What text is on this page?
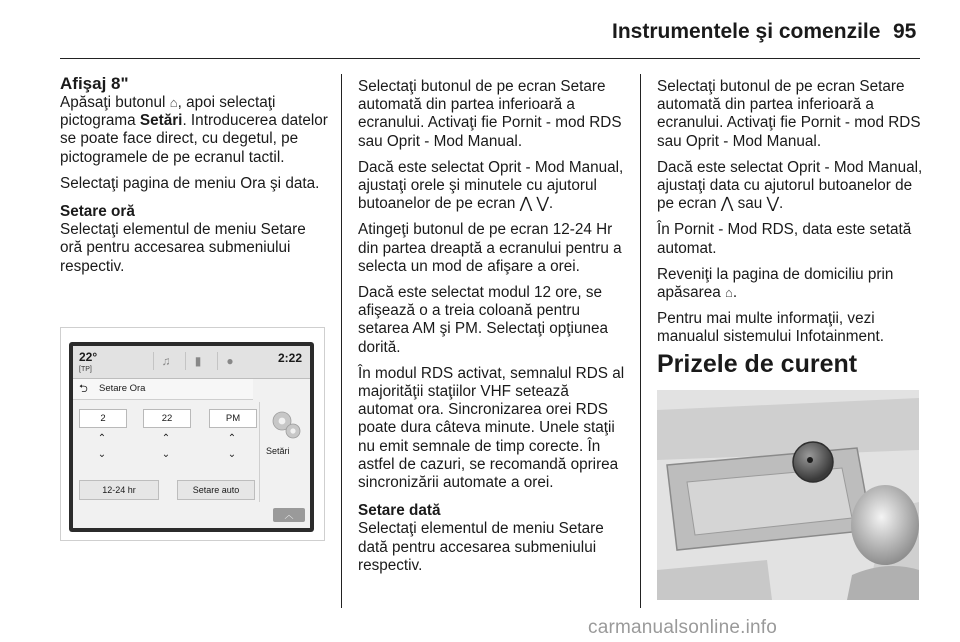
Instrumentele şi comenzile 95
Afişaj 8"

Apăsaţi butonul ⌂, apoi selectaţi pictograma Setări. Introducerea datelor se poate face direct, cu degetul, pe pictogramele de pe ecranul tactil.

Selectaţi pagina de meniu Ora şi data.

Setare oră

Selectaţi elementul de meniu Setare oră pentru accesarea submeniului respectiv.

22°
[TP]
♫	▮	●	2:22
⮌ Setare Ora
2	22	PM
⌃
⌄
⌃
⌄
⌃
⌄
12-24 hr	Setare auto
Setări
︿

Selectaţi butonul de pe ecran Setare automată din partea inferioară a ecranului. Activaţi fie Pornit - mod RDS sau Oprit - Mod Manual.

Dacă este selectat Oprit - Mod Manual, ajustaţi orele şi minutele cu ajutorul butoanelor de pe ecran ⋀ ⋁.

Atingeţi butonul de pe ecran 12-24 Hr din partea dreaptă a ecranului pentru a selecta un mod de afişare a orei.

Dacă este selectat modul 12 ore, se afişează o a treia coloană pentru setarea AM şi PM. Selectaţi opţiunea dorită.

În modul RDS activat, semnalul RDS al majorităţii staţiilor VHF setează automat ora. Sincronizarea orei RDS poate dura câteva minute. Unele staţii nu emit semnale de timp corecte. În astfel de cazuri, se recomandă oprirea sincronizării automate a orei.

Setare dată

Selectaţi elementul de meniu Setare dată pentru accesarea submeniului respectiv.

Selectaţi butonul de pe ecran Setare automată din partea inferioară a ecranului. Activaţi fie Pornit - mod RDS sau Oprit - Mod Manual.

Dacă este selectat Oprit - Mod Manual, ajustaţi data cu ajutorul butoanelor de pe ecran ⋀ sau ⋁.

În Pornit - Mod RDS, data este setată automat.

Reveniţi la pagina de domiciliu prin apăsarea ⌂.

Pentru mai multe informaţii, vezi manualul sistemului Infotainment.

Prizele de curent
carmanualsonline.info
